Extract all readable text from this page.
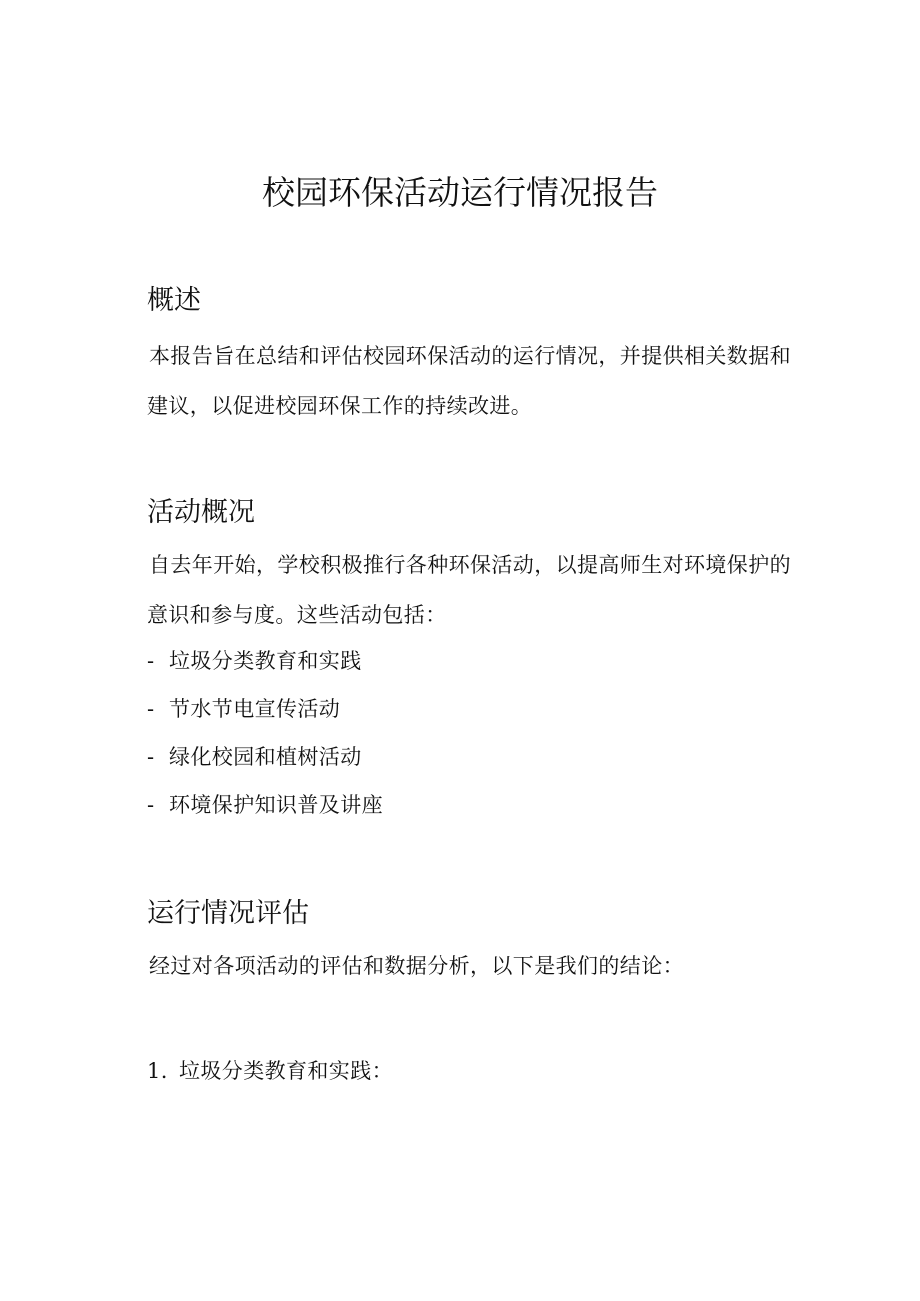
校园环保活动运行情况报告
概述

本报告旨在总结和评估校园环保活动的运行情况，并提供相关数据和建议，以促进校园环保工作的持续改进。

活动概况

自去年开始，学校积极推行各种环保活动，以提高师生对环境保护的意识和参与度。这些活动包括：

- 垃圾分类教育和实践

- 节水节电宣传活动

- 绿化校园和植树活动

- 环境保护知识普及讲座

运行情况评估

经过对各项活动的评估和数据分析，以下是我们的结论：

1. 垃圾分类教育和实践：
